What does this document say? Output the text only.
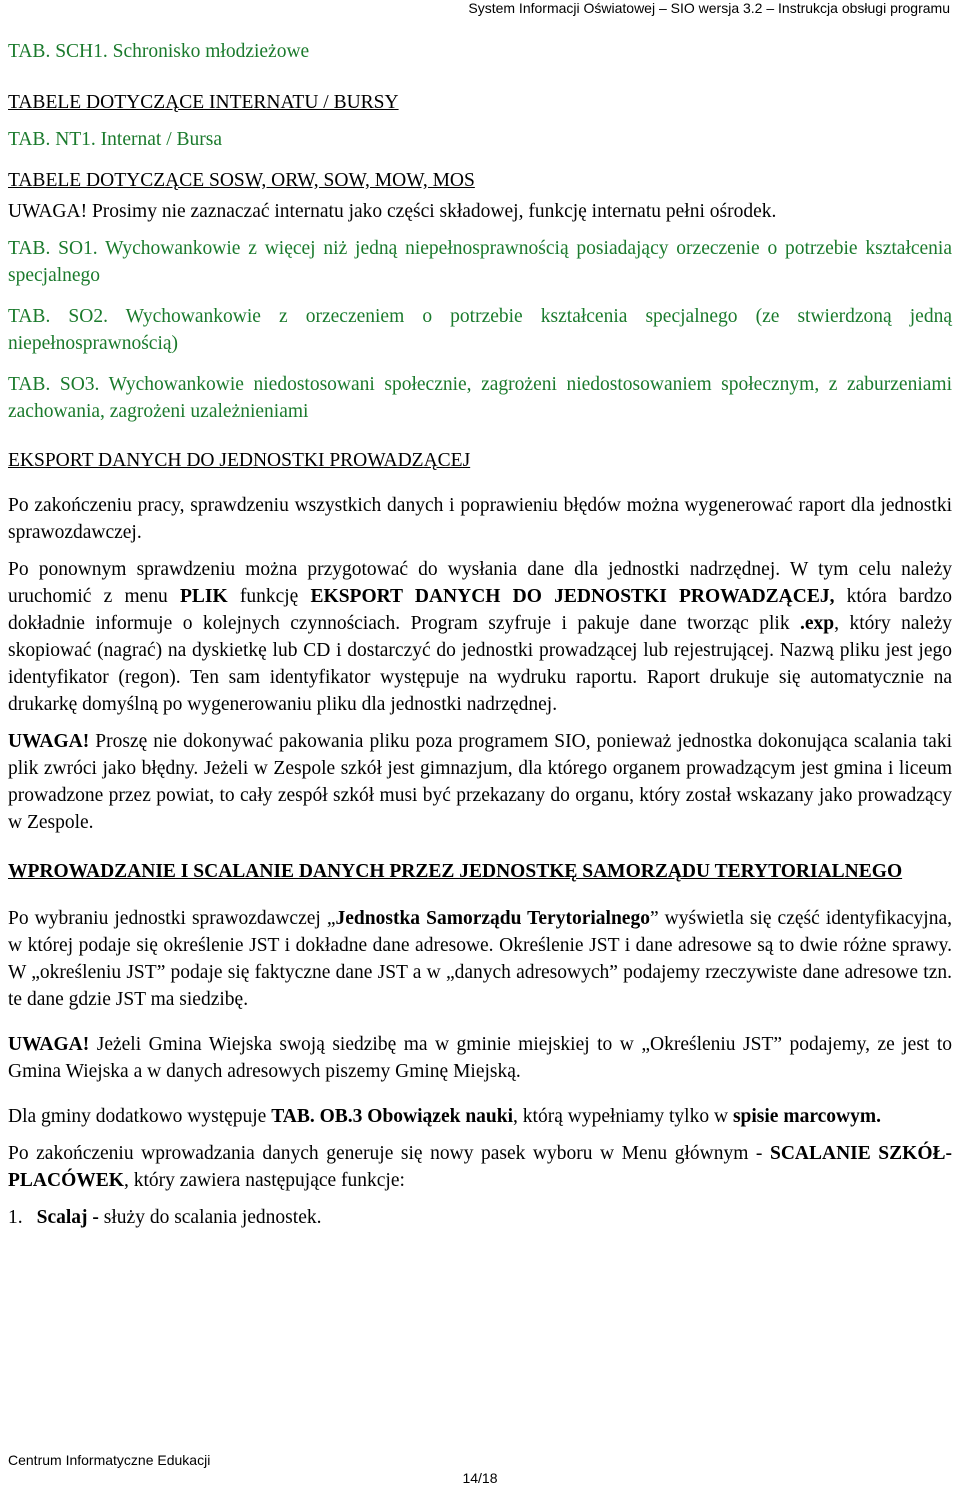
System Informacji Oświatowej – SIO wersja 3.2 – Instrukcja obsługi programu

TAB. SCH1. Schronisko młodzieżowe

TABELE DOTYCZĄCE INTERNATU / BURSY

TAB. NT1. Internat / Bursa

TABELE DOTYCZĄCE SOSW, ORW, SOW, MOW, MOS

UWAGA! Prosimy nie zaznaczać internatu jako części składowej, funkcję internatu pełni ośrodek.

TAB. SO1. Wychowankowie z więcej niż jedną niepełnosprawnością posiadający orzeczenie o potrzebie kształcenia specjalnego

TAB. SO2. Wychowankowie z orzeczeniem o potrzebie kształcenia specjalnego (ze stwierdzoną jedną niepełnosprawnością)

TAB. SO3. Wychowankowie niedostosowani społecznie, zagrożeni niedostosowaniem społecznym, z zaburzeniami zachowania, zagrożeni uzależnieniami

EKSPORT DANYCH DO JEDNOSTKI PROWADZĄCEJ

Po zakończeniu pracy, sprawdzeniu wszystkich danych i poprawieniu błędów można wygenerować raport dla jednostki sprawozdawczej.

Po ponownym sprawdzeniu można przygotować do wysłania dane dla jednostki nadrzędnej. W tym celu należy uruchomić z menu PLIK funkcję EKSPORT DANYCH DO JEDNOSTKI PROWADZĄCEJ, która bardzo dokładnie informuje o kolejnych czynnościach. Program szyfruje i pakuje dane tworząc plik .exp, który należy skopiować (nagrać) na dyskietkę lub CD i dostarczyć do jednostki prowadzącej lub rejestrującej. Nazwą pliku jest jego identyfikator (regon). Ten sam identyfikator występuje na wydruku raportu. Raport drukuje się automatycznie na drukarkę domyślną po wygenerowaniu pliku dla jednostki nadrzędnej.

UWAGA! Proszę nie dokonywać pakowania pliku poza programem SIO, ponieważ jednostka dokonująca scalania taki plik zwróci jako błędny. Jeżeli w Zespole szkół jest gimnazjum, dla którego organem prowadzącym jest gmina i liceum prowadzone przez powiat, to cały zespół szkół musi być przekazany do organu, który został wskazany jako prowadzący w Zespole.

WPROWADZANIE I SCALANIE DANYCH PRZEZ JEDNOSTKĘ SAMORZĄDU TERYTORIALNEGO

Po wybraniu jednostki sprawozdawczej „Jednostka Samorządu Terytorialnego” wyświetla się część identyfikacyjna, w której podaje się określenie JST i dokładne dane adresowe. Określenie JST i dane adresowe są to dwie różne sprawy. W „określeniu JST” podaje się faktyczne dane JST a w „danych adresowych” podajemy rzeczywiste dane adresowe tzn. te dane gdzie JST ma siedzibę.

UWAGA! Jeżeli Gmina Wiejska swoją siedzibę ma w gminie miejskiej to w „Określeniu JST” podajemy, ze jest to Gmina Wiejska a w danych adresowych piszemy Gminę Miejską.

Dla gminy dodatkowo występuje TAB. OB.3 Obowiązek nauki, którą wypełniamy tylko w spisie marcowym.

Po zakończeniu wprowadzania danych generuje się nowy pasek wyboru w Menu głównym - SCALANIE SZKÓŁ-PLACÓWEK, który zawiera następujące funkcje:

1. Scalaj - służy do scalania jednostek.

Centrum Informatyczne Edukacji
14/18
